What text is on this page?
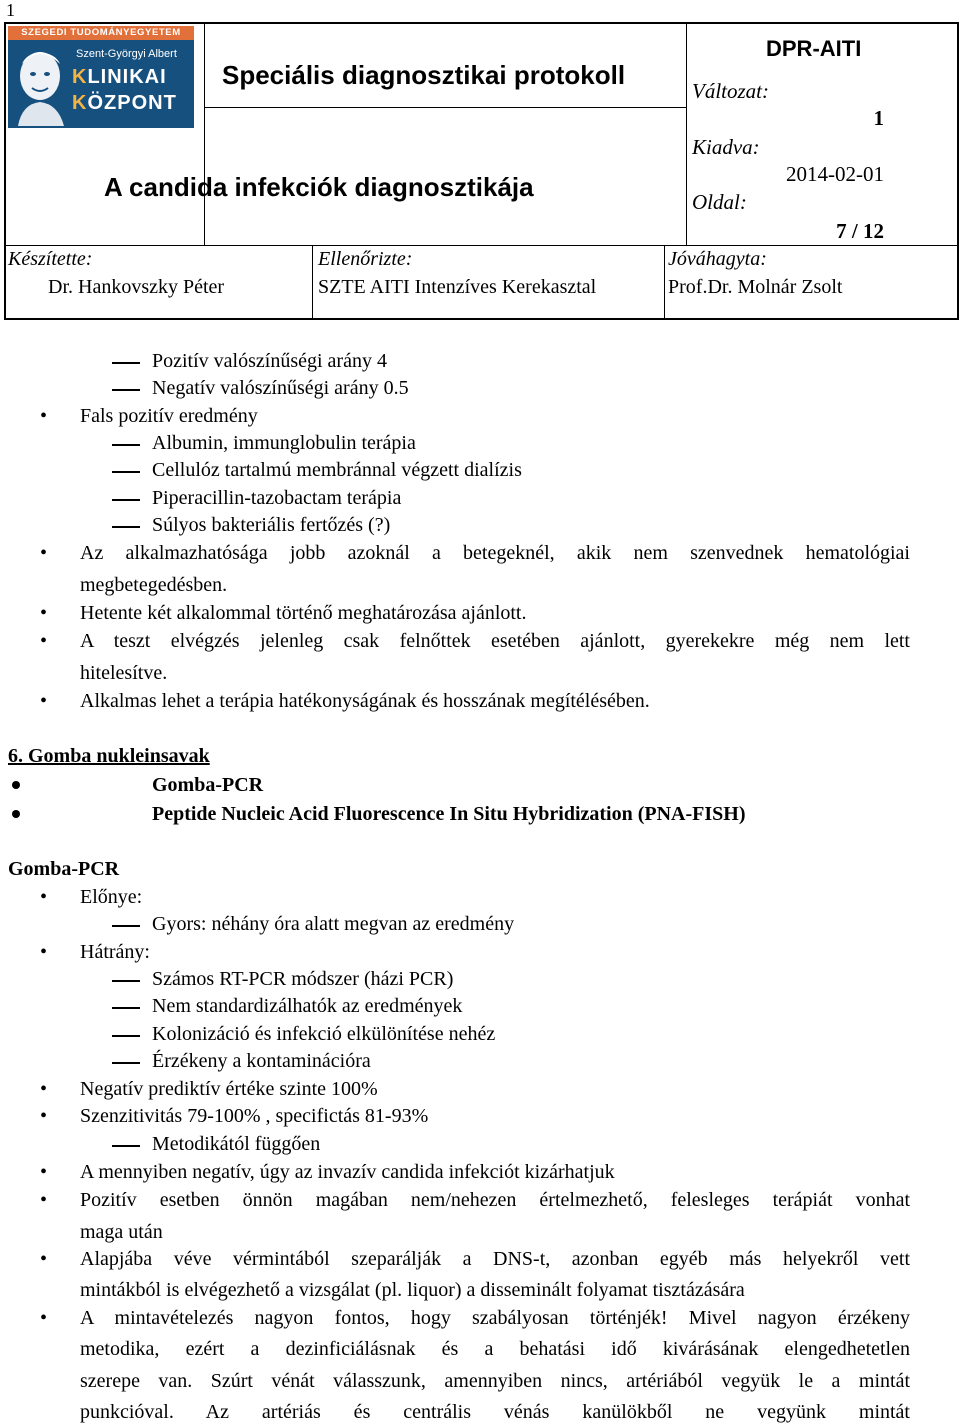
1
SZEGEDI TUDOMÁNYEGYETEM
Szent-Györgyi Albert
KLINIKAI
KÖZPONT
Speciális diagnosztikai protokoll
A candida infekciók diagnosztikája
DPR-AITI
Változat:
1
Kiadva:
2014-02-01
Oldal:
7 / 12
Készítette:
Dr. Hankovszky Péter
Ellenőrizte:
SZTE AITI Intenzíves Kerekasztal
Jóváhagyta:
Prof.Dr. Molnár Zsolt
Pozitív valószínűségi arány 4
Negatív valószínűségi arány 0.5
• Fals pozitív eredmény
Albumin, immunglobulin terápia
Cellulóz tartalmú membránnal végzett dialízis
Piperacillin-tazobactam terápia
Súlyos bakteriális fertőzés (?)
• Az alkalmazhatósága jobb azoknál a betegeknél, akik nem szenvednek hematológiai
megbetegedésben.
• Hetente két alkalommal történő meghatározása ajánlott.
• A teszt elvégzés jelenleg csak felnőttek esetében ajánlott, gyerekekre még nem lett
hitelesítve.
• Alkalmas lehet a terápia hatékonyságának és hosszának megítélésében.
6. Gomba nukleinsavak
Gomba-PCR
Peptide Nucleic Acid Fluorescence In Situ Hybridization (PNA-FISH)
Gomba-PCR
• Előnye:
Gyors: néhány óra alatt megvan az eredmény
• Hátrány:
Számos RT-PCR módszer (házi PCR)
Nem standardizálhatók az eredmények
Kolonizáció és infekció elkülönítése nehéz
Érzékeny a kontaminációra
• Negatív prediktív értéke szinte 100%
• Szenzitivitás 79-100% , specifictás 81-93%
Metodikától függően
• A mennyiben negatív, úgy az invazív candida infekciót kizárhatjuk
• Pozitív esetben önnön magában nem/nehezen értelmezhető, felesleges terápiát vonhat
maga után
• Alapjába véve vérmintából szeparálják a DNS-t, azonban egyéb más helyekről vett
mintákból is elvégezhető a vizsgálat (pl. liquor) a disseminált folyamat tisztázására
• A mintavételezés nagyon fontos, hogy szabályosan történjék! Mivel nagyon érzékeny
metodika, ezért a dezinficiálásnak és a behatási idő kivárásának elengedhetetlen
szerepe van. Szúrt vénát válasszunk, amennyiben nincs, artériából vegyük le a mintát
punkcióval. Az artériás és centrális vénás kanülökből ne vegyünk mintát
